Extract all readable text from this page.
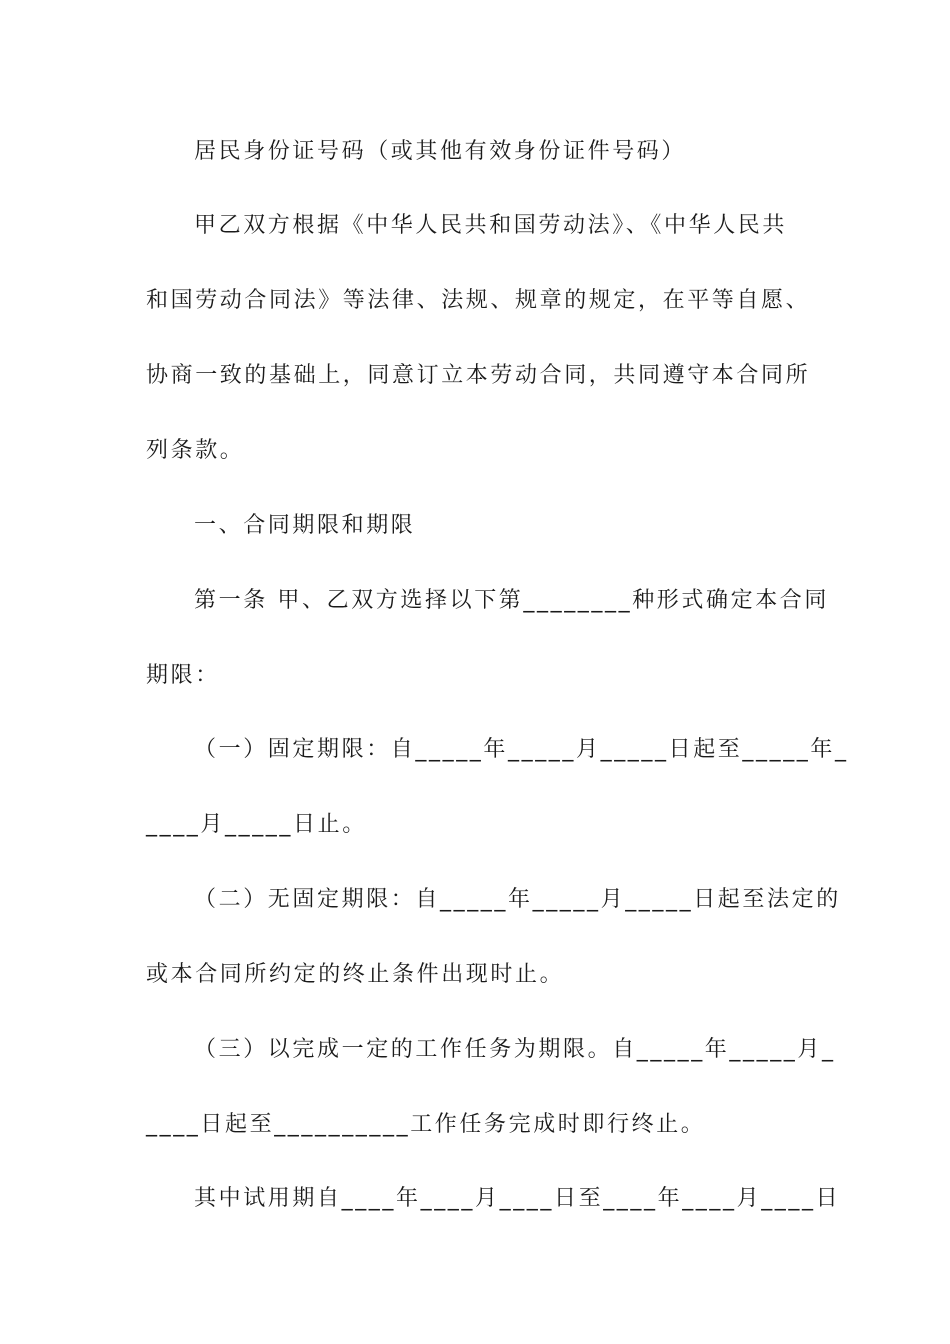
居民身份证号码（或其他有效身份证件号码）
甲乙双方根据《中华人民共和国劳动法》、《中华人民共
和国劳动合同法》等法律、法规、规章的规定，在平等自愿、
协商一致的基础上，同意订立本劳动合同，共同遵守本合同所
列条款。
一、合同期限和期限
第一条 甲、乙双方选择以下第________种形式确定本合同
期限：
（一）固定期限：自_____年_____月_____日起至_____年_
____月_____日止。
（二）无固定期限：自_____年_____月_____日起至法定的
或本合同所约定的终止条件出现时止。
（三）以完成一定的工作任务为期限。自_____年_____月_
____日起至__________工作任务完成时即行终止。
其中试用期自____年____月____日至____年____月____日
